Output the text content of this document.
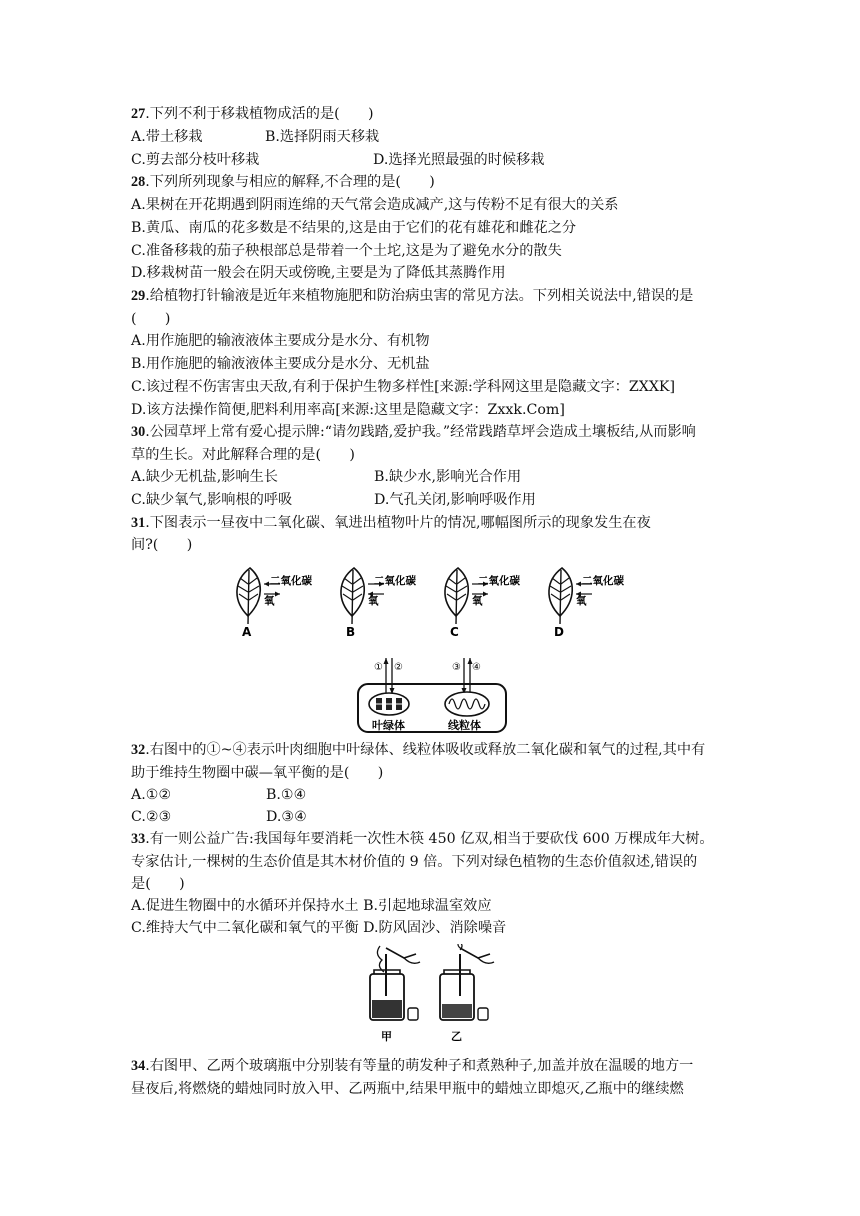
27.下列不利于移栽植物成活的是(　　)
A.带土移栽	B.选择阴雨天移栽
C.剪去部分枝叶移栽	D.选择光照最强的时候移栽
28.下列所列现象与相应的解释,不合理的是(　　)
A.果树在开花期遇到阴雨连绵的天气常会造成减产,这与传粉不足有很大的关系
B.黄瓜、南瓜的花多数是不结果的,这是由于它们的花有雄花和雌花之分
C.准备移栽的茄子秧根部总是带着一个土坨,这是为了避免水分的散失
D.移栽树苗一般会在阴天或傍晚,主要是为了降低其蒸腾作用
29.给植物打针输液是近年来植物施肥和防治病虫害的常见方法。下列相关说法中,错误的是
(　　)
A.用作施肥的输液液体主要成分是水分、有机物
B.用作施肥的输液液体主要成分是水分、无机盐
C.该过程不伤害害虫天敌,有利于保护生物多样性[来源:学科网这里是隐藏文字：ZXXK]
D.该方法操作简便,肥料利用率高[来源:这里是隐藏文字：Zxxk.Com]
30.公园草坪上常有爱心提示牌:“请勿践踏,爱护我。”经常践踏草坪会造成土壤板结,从而影响
草的生长。对此解释合理的是(　　)
A.缺少无机盐,影响生长	B.缺少水,影响光合作用
C.缺少氧气,影响根的呼吸	D.气孔关闭,影响呼吸作用
31.下图表示一昼夜中二氧化碳、氧进出植物叶片的情况,哪幅图所示的现象发生在夜
间?(　　)
二氧化碳
氧
二氧化碳
氧
二氧化碳
氧
二氧化碳
氧
A	B	C	D
① ②	③ ④
叶绿体	线粒体
32.右图中的①~④表示叶肉细胞中叶绿体、线粒体吸收或释放二氧化碳和氧气的过程,其中有
助于维持生物圈中碳—氧平衡的是(　　)
A.①②	B.①④
C.②③	D.③④
33.有一则公益广告:我国每年要消耗一次性木筷 450 亿双,相当于要砍伐 600 万棵成年大树。
专家估计,一棵树的生态价值是其木材价值的 9 倍。下列对绿色植物的生态价值叙述,错误的
是(　　)
A.促进生物圈中的水循环并保持水土 B.引起地球温室效应
C.维持大气中二氧化碳和氧气的平衡 D.防风固沙、消除噪音
甲	乙
34.右图甲、乙两个玻璃瓶中分别装有等量的萌发种子和煮熟种子,加盖并放在温暖的地方一
昼夜后,将燃烧的蜡烛同时放入甲、乙两瓶中,结果甲瓶中的蜡烛立即熄灭,乙瓶中的继续燃
